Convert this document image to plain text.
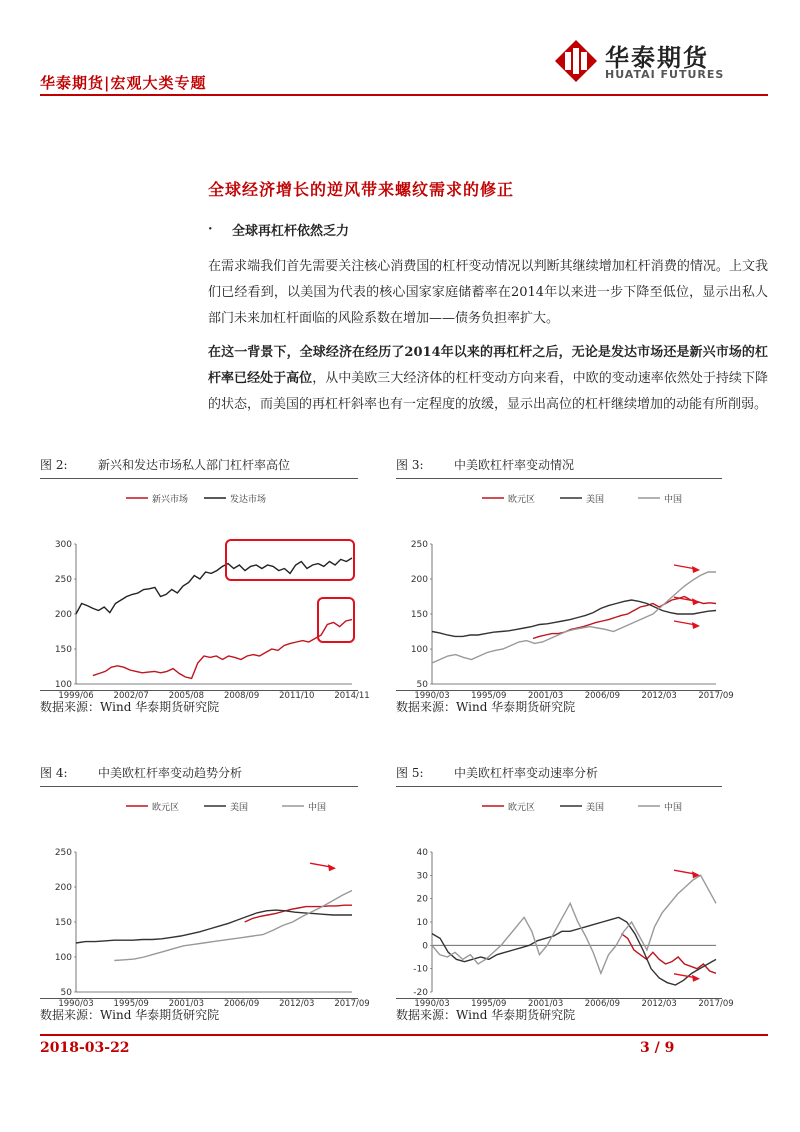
华泰期货
HUATAI FUTURES
华泰期货|宏观大类专题
全球经济增长的逆风带来螺纹需求的修正
· 全球再杠杆依然乏力
在需求端我们首先需要关注核心消费国的杠杆变动情况以判断其继续增加杠杆消费的情况。上文我们已经看到，以美国为代表的核心国家家庭储蓄率在2014年以来进一步下降至低位，显示出私人部门未来加杠杆面临的风险系数在增加——债务负担率扩大。
在这一背景下，全球经济在经历了2014年以来的再杠杆之后，无论是发达市场还是新兴市场的杠杆率已经处于高位，从中美欧三大经济体的杠杆变动方向来看，中欧的变动速率依然处于持续下降的状态，而美国的再杠杆斜率也有一定程度的放缓，显示出高位的杠杆继续增加的动能有所削弱。
图 2:	新兴和发达市场私人部门杠杆率高位
新兴市场	发达市场
100
150
200
250
300
1999/06 2002/07 2005/08 2008/09 2011/10 2014/11
数据来源：Wind 华泰期货研究院
图 3:	中美欧杠杆率变动情况
欧元区	美国	中国
50
100
150
200
250
1990/03	1995/09	2001/03	2006/09	2012/03	2017/09
数据来源：Wind 华泰期货研究院
图 4:	中美欧杠杆率变动趋势分析
欧元区	美国	中国
50
100
150
200
250
1990/03 1995/09 2001/03 2006/09 2012/03 2017/09
数据来源：Wind 华泰期货研究院
图 5:	中美欧杠杆率变动速率分析
欧元区	美国	中国
-20
-10
0
10
20
30
40
1990/03	1995/09	2001/03	2006/09	2012/03	2017/09
数据来源：Wind 华泰期货研究院
2018-03-22	3 / 9
